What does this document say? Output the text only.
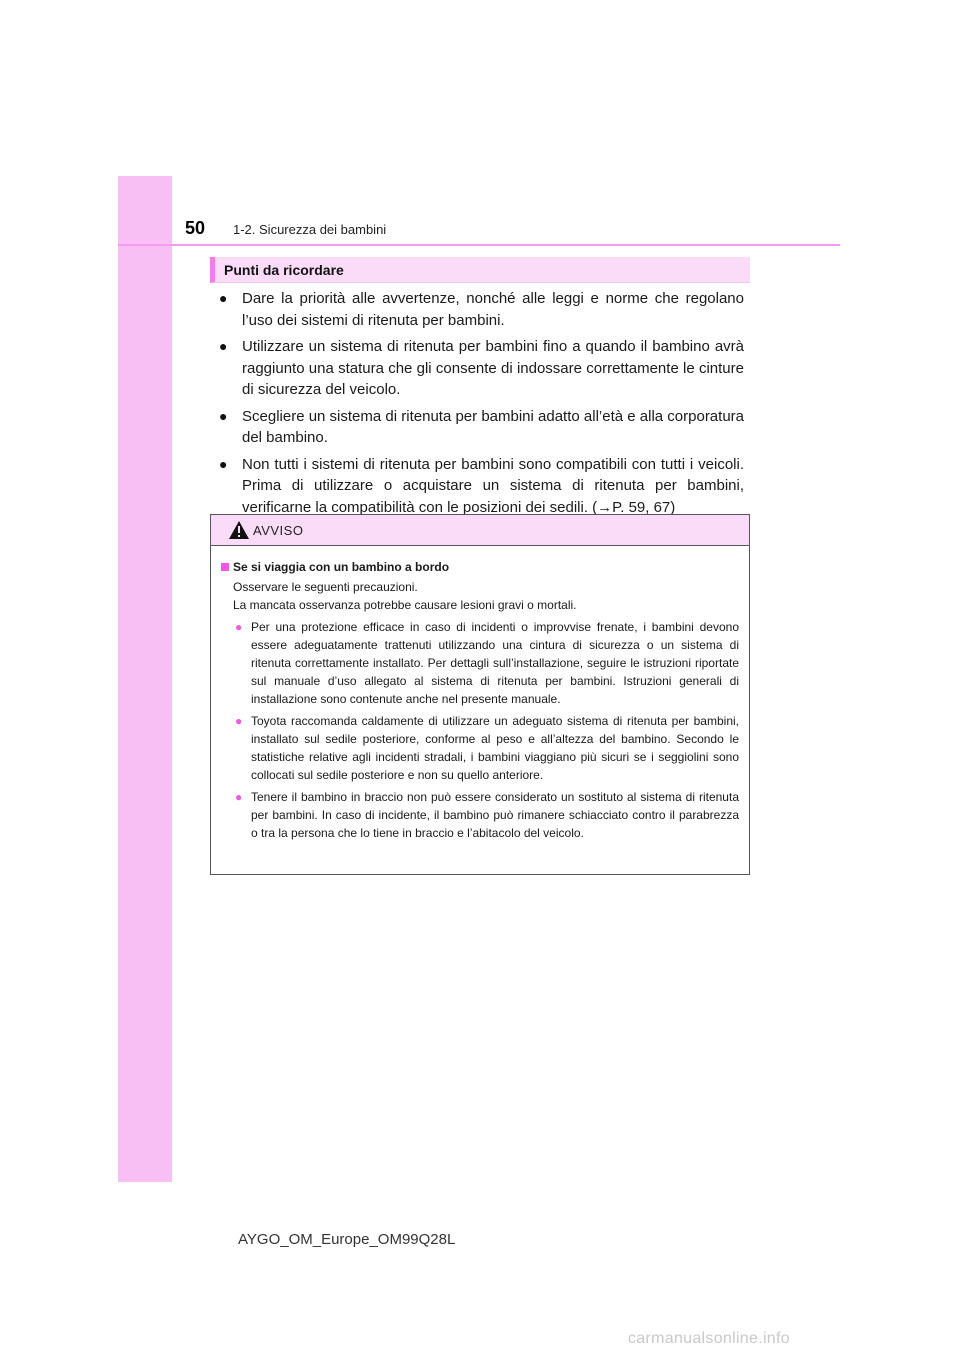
50 1-2. Sicurezza dei bambini
Punti da ricordare
● Dare la priorità alle avvertenze, nonché alle leggi e norme che regolano l’uso dei sistemi di ritenuta per bambini.
● Utilizzare un sistema di ritenuta per bambini fino a quando il bambino avrà raggiunto una statura che gli consente di indossare correttamente le cinture di sicurezza del veicolo.
● Scegliere un sistema di ritenuta per bambini adatto all’età e alla corporatura del bambino.
● Non tutti i sistemi di ritenuta per bambini sono compatibili con tutti i veicoli. Prima di utilizzare o acquistare un sistema di ritenuta per bambini, verificarne la compatibilità con le posizioni dei sedili. (→P. 59, 67)
AVVISO
Se si viaggia con un bambino a bordo
Osservare le seguenti precauzioni.
La mancata osservanza potrebbe causare lesioni gravi o mortali.
● Per una protezione efficace in caso di incidenti o improvvise frenate, i bambini devono essere adeguatamente trattenuti utilizzando una cintura di sicurezza o un sistema di ritenuta correttamente installato. Per dettagli sull’installazione, seguire le istruzioni riportate sul manuale d’uso allegato al sistema di ritenuta per bambini. Istruzioni generali di installazione sono contenute anche nel presente manuale.
● Toyota raccomanda caldamente di utilizzare un adeguato sistema di ritenuta per bambini, installato sul sedile posteriore, conforme al peso e all’altezza del bambino. Secondo le statistiche relative agli incidenti stradali, i bambini viaggiano più sicuri se i seggiolini sono collocati sul sedile posteriore e non su quello anteriore.
● Tenere il bambino in braccio non può essere considerato un sostituto al sistema di ritenuta per bambini. In caso di incidente, il bambino può rimanere schiacciato contro il parabrezza o tra la persona che lo tiene in braccio e l’abitacolo del veicolo.
AYGO_OM_Europe_OM99Q28L
carmanualsonline.info
